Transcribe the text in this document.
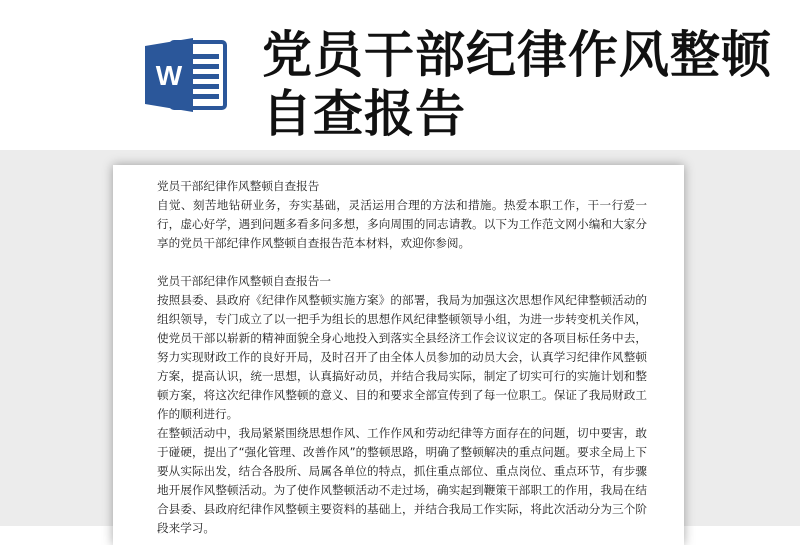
W 党员干部纪律作风整顿自查报告

党员干部纪律作风整顿自查报告

自觉、刻苦地钻研业务，夯实基础，灵活运用合理的方法和措施。热爱本职工作，干一行爱一行，虚心好学，遇到问题多看多问多想，多向周围的同志请教。以下为工作范文网小编和大家分享的党员干部纪律作风整顿自查报告范本材料，欢迎你参阅。

党员干部纪律作风整顿自查报告一

按照县委、县政府《纪律作风整顿实施方案》的部署，我局为加强这次思想作风纪律整顿活动的组织领导，专门成立了以一把手为组长的思想作风纪律整顿领导小组，为进一步转变机关作风，使党员干部以崭新的精神面貌全身心地投入到落实全县经济工作会议议定的各项目标任务中去，努力实现财政工作的良好开局，及时召开了由全体人员参加的动员大会，认真学习纪律作风整顿方案，提高认识，统一思想，认真搞好动员，并结合我局实际，制定了切实可行的实施计划和整顿方案，将这次纪律作风整顿的意义、目的和要求全部宣传到了每一位职工。保证了我局财政工作的顺利进行。

在整顿活动中，我局紧紧围绕思想作风、工作作风和劳动纪律等方面存在的问题，切中要害，敢于碰硬，提出了“强化管理、改善作风”的整顿思路，明确了整顿解决的重点问题。要求全局上下要从实际出发，结合各股所、局属各单位的特点，抓住重点部位、重点岗位、重点环节，有步骤地开展作风整顿活动。为了使作风整顿活动不走过场，确实起到鞭策干部职工的作用，我局在结合县委、县政府纪律作风整顿主要资料的基础上，并结合我局工作实际，将此次活动分为三个阶段来学习。
